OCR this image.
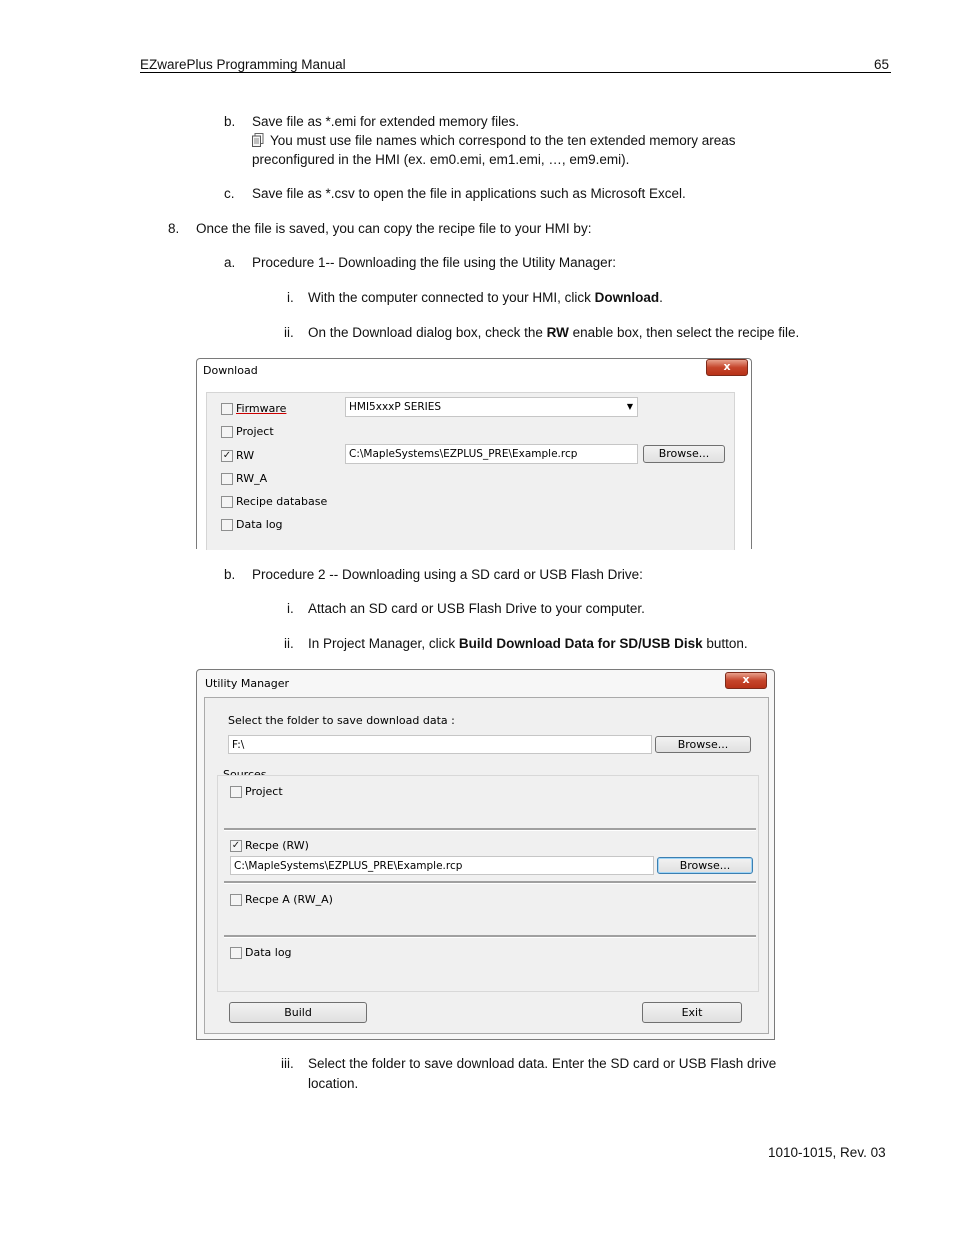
EZwarePlus Programming Manual	65
b. Save file as *.emi for extended memory files.
You must use file names which correspond to the ten extended memory areas
preconfigured in the HMI (ex. em0.emi, em1.emi, …, em9.emi).
c. Save file as *.csv to open the file in applications such as Microsoft Excel.
8. Once the file is saved, you can copy the recipe file to your HMI by:
a. Procedure 1-- Downloading the file using the Utility Manager:
i. With the computer connected to your HMI, click Download.
ii. On the Download dialog box, check the RW enable box, then select the recipe file.
Download	x
Firmware
Project
✓ RW
RW_A
Recipe database
Data log
HMI5xxxP SERIES	▼
C:\MapleSystems\EZPLUS_PRE\Example.rcp	Browse...
b. Procedure 2 -- Downloading using a SD card or USB Flash Drive:
i. Attach an SD card or USB Flash Drive to your computer.
ii. In Project Manager, click Build Download Data for SD/USB Disk button.
Utility Manager	x
Select the folder to save download data :
F:\	Browse...
Project
✓ Recpe (RW)
C:\MapleSystems\EZPLUS_PRE\Example.rcp	Browse...
Recpe A (RW_A)
Data log
Build	Exit
iii. Select the folder to save download data. Enter the SD card or USB Flash drive
location.
1010-1015, Rev. 03
